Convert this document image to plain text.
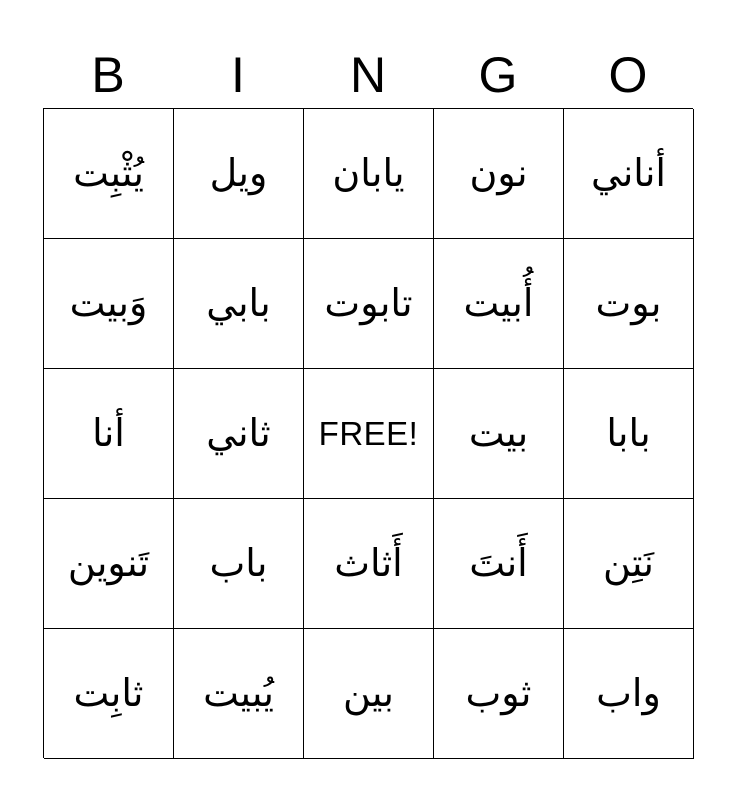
B	I	N	G	O
يُثْبِت ويل يابان نون أناني
وَبيت بابي تابوت أُبيت بوت
أنا ثاني FREE! بيت بابا
تَنوين باب أَثاث أَنتَ نَتِن
ثابِت يُبيت بين ثوب واب
